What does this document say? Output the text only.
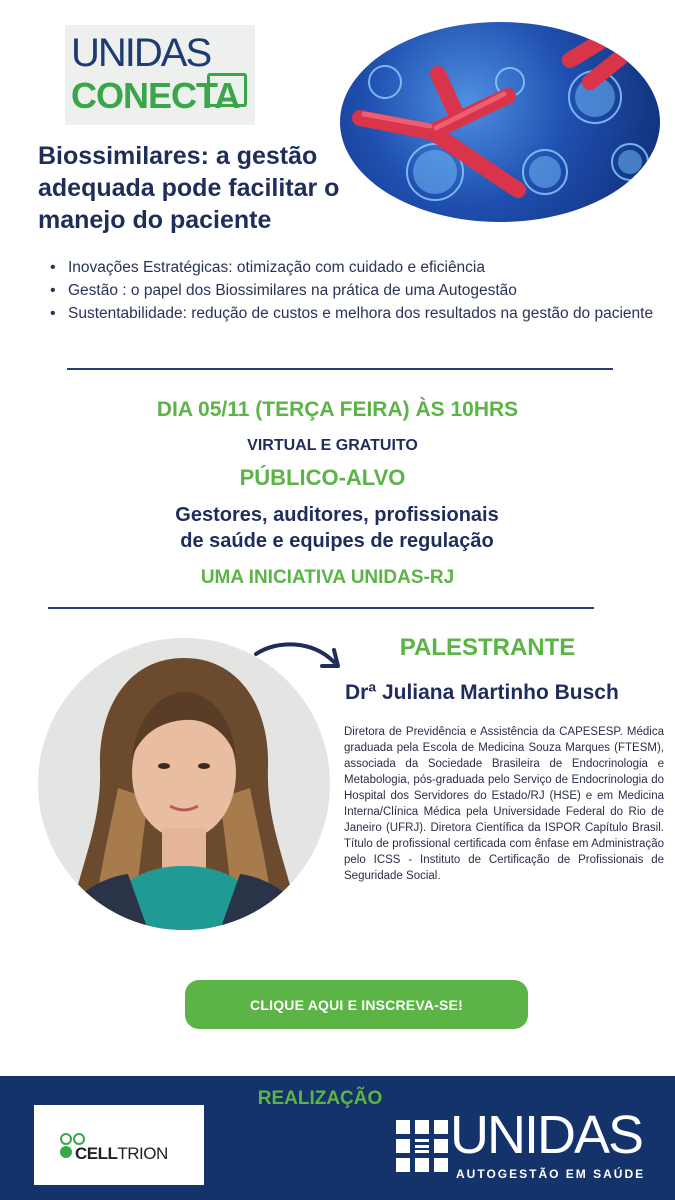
UNIDAS
CONECTA
Biossimilares: a gestão adequada pode facilitar o manejo do paciente
• Inovações Estratégicas: otimização com cuidado e eficiência
• Gestão : o papel dos Biossimilares na prática de uma Autogestão
• Sustentabilidade: redução de custos e melhora dos resultados na gestão do paciente
DIA 05/11 (TERÇA FEIRA) ÀS 10HRS
VIRTUAL E GRATUITO
PÚBLICO-ALVO
Gestores, auditores, profissionais de saúde e equipes de regulação
UMA INICIATIVA UNIDAS-RJ
PALESTRANTE
Drª Juliana Martinho Busch
Diretora de Previdência e Assistência da CAPESESP. Médica graduada pela Escola de Medicina Souza Marques (FTESM), associada da Sociedade Brasileira de Endocrinologia e Metabologia, pós-graduada pelo Serviço de Endocrinologia do Hospital dos Servidores do Estado/RJ (HSE) e em Medicina Interna/Clínica Médica pela Universidade Federal do Rio de Janeiro (UFRJ). Diretora Científica da ISPOR Capítulo Brasil. Título de profissional certificada com ênfase em Administração pelo ICSS - Instituto de Certificação de Profissionais de Seguridade Social.
CLIQUE AQUI E INSCREVA-SE!
REALIZAÇÃO
CELLTRION	UNIDAS
AUTOGESTÃO EM SAÚDE
